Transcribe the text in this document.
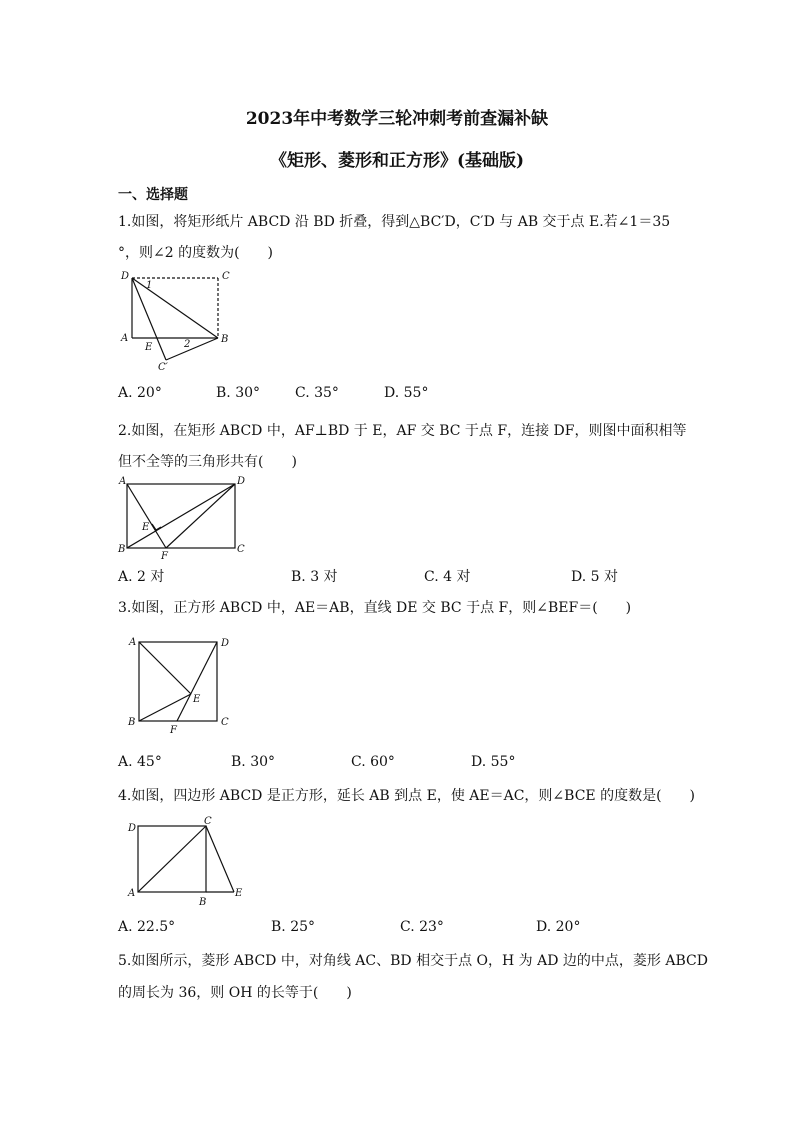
2023年中考数学三轮冲刺考前查漏补缺
《矩形、菱形和正方形》(基础版)
一、选择题
1.如图，将矩形纸片 ABCD 沿 BD 折叠，得到△BC′D，C′D 与 AB 交于点 E.若∠1＝35
°，则∠2 的度数为(　　)
D	C
A	B
E
C′
1
2
A. 20°	B. 30° C. 35°	D. 55°
2.如图，在矩形 ABCD 中，AF⊥BD 于 E，AF 交 BC 于点 F，连接 DF，则图中面积相等
但不全等的三角形共有(　　)
A	D
E
B
F
C
A. 2 对	B. 3 对	C. 4 对	D. 5 对
3.如图，正方形 ABCD 中，AE＝AB，直线 DE 交 BC 于点 F，则∠BEF＝(　　)
A	D
E
B
F
C
A. 45°	B. 30°	C. 60°	D. 55°
4.如图，四边形 ABCD 是正方形，延长 AB 到点 E，使 AE＝AC，则∠BCE 的度数是(　　)
D
C
A
B
E
A. 22.5°	B. 25°	C. 23°	D. 20°
5.如图所示，菱形 ABCD 中，对角线 AC、BD 相交于点 O，H 为 AD 边的中点，菱形 ABCD
的周长为 36，则 OH 的长等于(　　)
